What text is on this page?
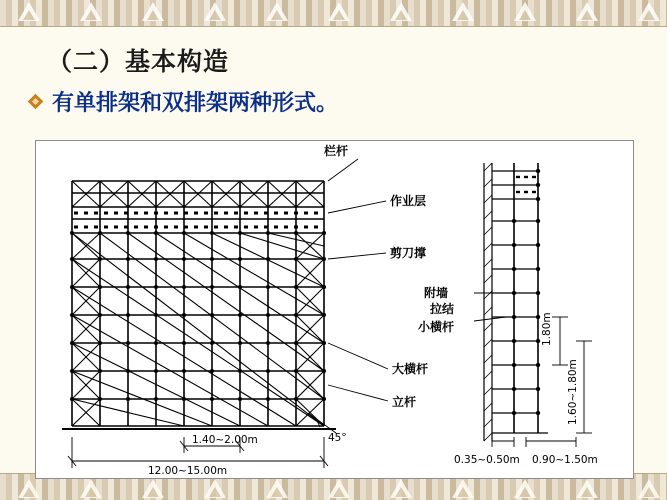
（二）基本构造
有单排架和双排架两种形式。
栏杆
作业层
剪刀撑
大横杆
立杆
附墙
拉结
小横杆
1.40~2.00m
12.00~15.00m
45°
0.35~0.50m 0.90~1.50m
1.80m
1.60~1.80m
